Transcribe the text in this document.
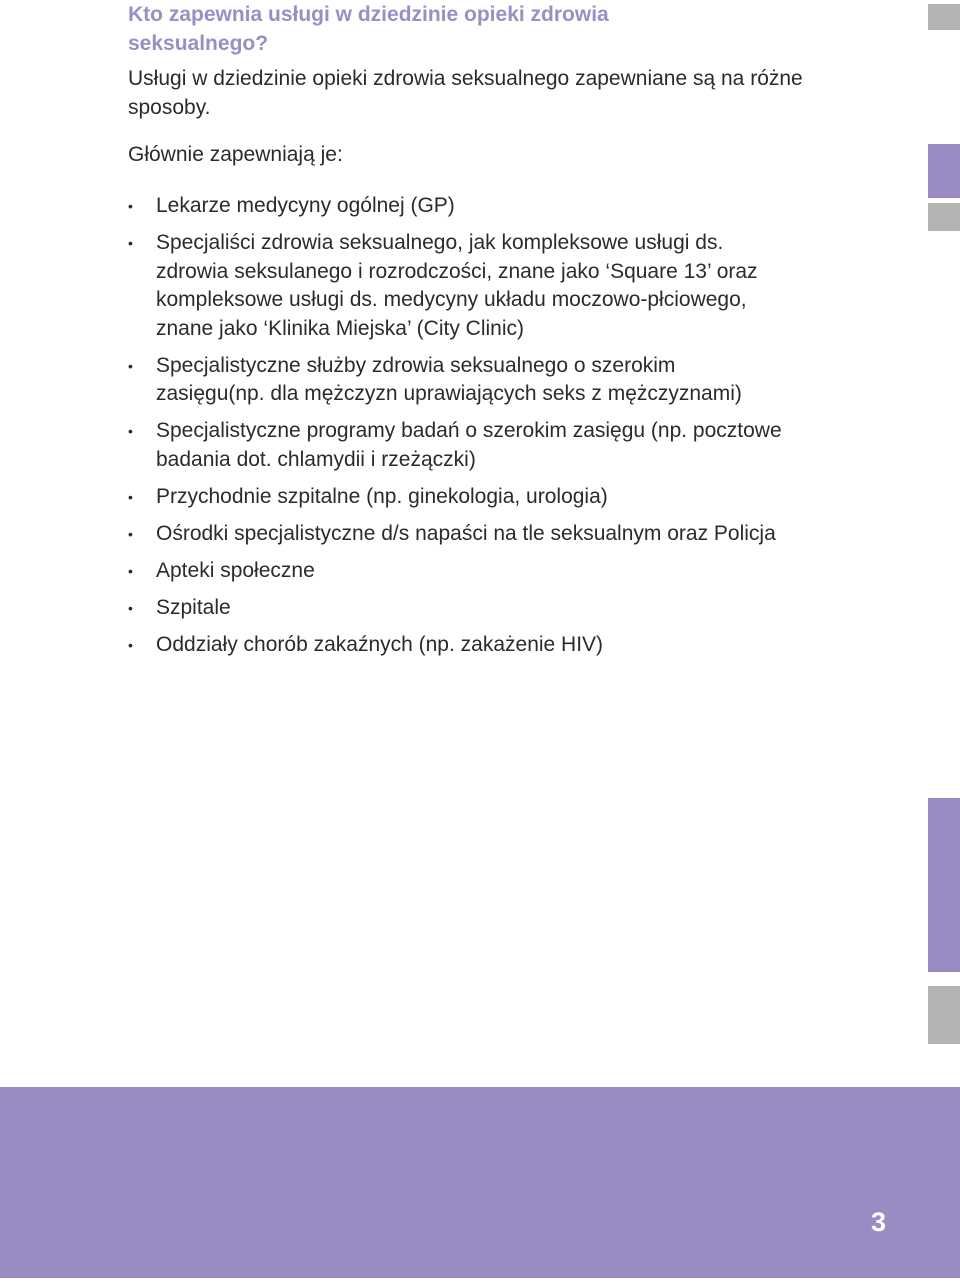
Kto zapewnia usługi w dziedzinie opieki zdrowia seksualnego?

Usługi w dziedzinie opieki zdrowia seksualnego zapewniane są na różne sposoby.

Głównie zapewniają je:

• Lekarze medycyny ogólnej (GP)
• Specjaliści zdrowia seksualnego, jak kompleksowe usługi ds. zdrowia seksulanego i rozrodczości, znane jako ‘Square 13’ oraz kompleksowe usługi ds. medycyny układu moczowo-płciowego, znane jako ‘Klinika Miejska’ (City Clinic)
• Specjalistyczne służby zdrowia seksualnego o szerokim zasięgu(np. dla mężczyzn uprawiających seks z mężczyznami)
• Specjalistyczne programy badań o szerokim zasięgu (np. pocztowe badania dot. chlamydii i rzeżączki)
• Przychodnie szpitalne (np. ginekologia, urologia)
• Ośrodki specjalistyczne d/s napaści na tle seksualnym oraz Policja
• Apteki społeczne
• Szpitale
• Oddziały chorób zakaźnych (np. zakażenie HIV)
3
